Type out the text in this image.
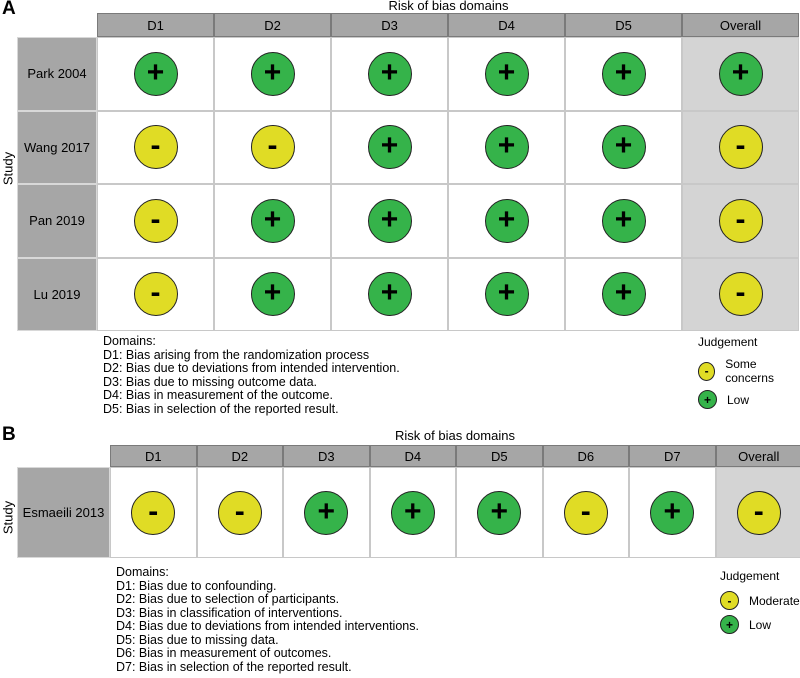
A	Risk of bias domains
Study
D1	D2	D3	D4	D5	Overall
Park 2004	+	+	+	+	+	+
Wang 2017 -	-	+	+	+	-
Pan 2019	-	+	+	+	+	-
Lu 2019	-	+	+	+	+	-
Domains:
D1: Bias arising from the randomization process
D2: Bias due to deviations from intended intervention.
D3: Bias due to missing outcome data.
D4: Bias in measurement of the outcome.
D5: Bias in selection of the reported result.
Judgement
-	Some concerns
+	Low
B	Risk of bias domains
Study
D1	D2	D3	D4	D5	D6	D7	Overall
Esmaeili 2013 -	- + + + - + -
Domains:
D1: Bias due to confounding.
D2: Bias due to selection of participants.
D3: Bias in classification of interventions.
D4: Bias due to deviations from intended interventions.
D5: Bias due to missing data.
D6: Bias in measurement of outcomes.
D7: Bias in selection of the reported result.
Judgement
-	Moderate
+	Low
